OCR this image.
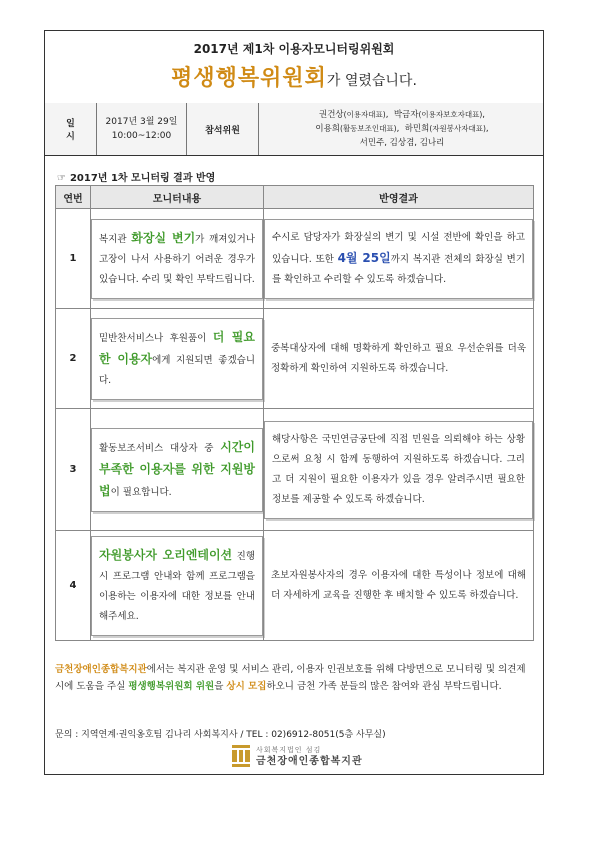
2017년 제1차 이용자모니터링위원회
평생행복위원회가 열렸습니다.
일 시
2017년 3월 29일
10:00~12:00
참석위원
권건상(이용자대표),  박금자(이용자보호자대표),
이용희(활동보조인대표),  하민희(자원봉사자대표),
서민주, 김상겸, 김나리
☞ 2017년 1차 모니터링 결과 반영
연번	모니터내용	반영결과
1	복지관 화장실 변기가 깨져있거나 고장이 나서 사용하기 어려운 경우가 있습니다. 수리 및 확인 부탁드립니다.	수시로 담당자가 화장실의 변기 및 시설 전반에 확인을 하고 있습니다. 또한 4월 25일까지 복지관 전체의 화장실 변기를 확인하고 수리할 수 있도록 하겠습니다.

2	밑반찬서비스나 후원품이 더 필요한 이용자에게 지원되면 좋겠습니다.	중복대상자에 대해 명확하게 확인하고 필요 우선순위를 더욱 정확하게 확인하여 지원하도록 하겠습니다.

3	활동보조서비스 대상자 중 시간이 부족한 이용자를 위한 지원방법이 필요합니다.	해당사항은 국민연금공단에 직접 민원을 의뢰해야 하는 상황으로써 요청 시 함께 동행하여 지원하도록 하겠습니다. 그리고 더 지원이 필요한 이용자가 있을 경우 알려주시면 필요한 정보를 제공할 수 있도록 하겠습니다.

4	자원봉사자 오리엔테이션 진행 시 프로그램 안내와 함께 프로그램을 이용하는 이용자에 대한 정보를 안내해주세요.	초보자원봉사자의 경우 이용자에 대한 특성이나 정보에 대해 더 자세하게 교육을 진행한 후 배치할 수 있도록 하겠습니다.
금천장애인종합복지관에서는 복지관 운영 및 서비스 관리, 이용자 인권보호를 위해 다방면으로 모니터링 및 의견제시에 도움을 주실 평생행복위원회 위원을 상시 모집하오니 금천 가족 분들의 많은 참여와 관심 부탁드립니다.
문의 : 지역연계·권익옹호팀 김나리 사회복지사 / TEL : 02)6912-8051(5층 사무실)
사회복지법인 섬김
금천장애인종합복지관
